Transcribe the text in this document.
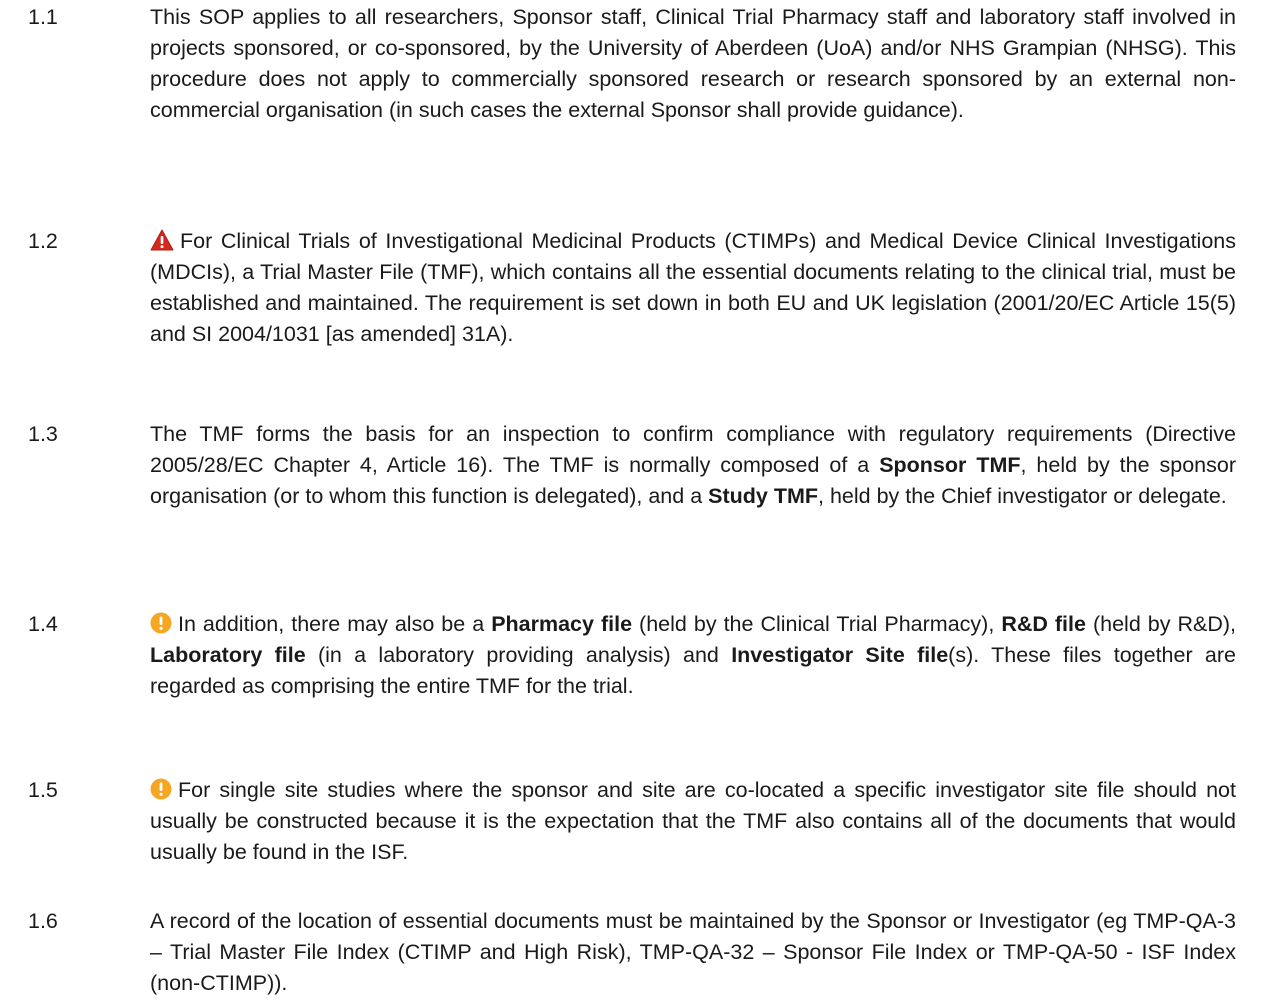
1.1	This SOP applies to all researchers, Sponsor staff, Clinical Trial Pharmacy staff and laboratory staff involved in projects sponsored, or co-sponsored, by the University of Aberdeen (UoA) and/or NHS Grampian (NHSG). This procedure does not apply to commercially sponsored research or research sponsored by an external non-commercial organisation (in such cases the external Sponsor shall provide guidance).
1.2	For Clinical Trials of Investigational Medicinal Products (CTIMPs) and Medical Device Clinical Investigations (MDCIs), a Trial Master File (TMF), which contains all the essential documents relating to the clinical trial, must be established and maintained. The requirement is set down in both EU and UK legislation (2001/20/EC Article 15(5) and SI 2004/1031 [as amended] 31A).
1.3	The TMF forms the basis for an inspection to confirm compliance with regulatory requirements (Directive 2005/28/EC Chapter 4, Article 16). The TMF is normally composed of a Sponsor TMF, held by the sponsor organisation (or to whom this function is delegated), and a Study TMF, held by the Chief investigator or delegate.
1.4	In addition, there may also be a Pharmacy file (held by the Clinical Trial Pharmacy), R&D file (held by R&D), Laboratory file (in a laboratory providing analysis) and Investigator Site file(s). These files together are regarded as comprising the entire TMF for the trial.
1.5	For single site studies where the sponsor and site are co-located a specific investigator site file should not usually be constructed because it is the expectation that the TMF also contains all of the documents that would usually be found in the ISF.
1.6	A record of the location of essential documents must be maintained by the Sponsor or Investigator (eg TMP-QA-3 – Trial Master File Index (CTIMP and High Risk), TMP-QA-32 – Sponsor File Index or TMP-QA-50 - ISF Index (non-CTIMP)).
